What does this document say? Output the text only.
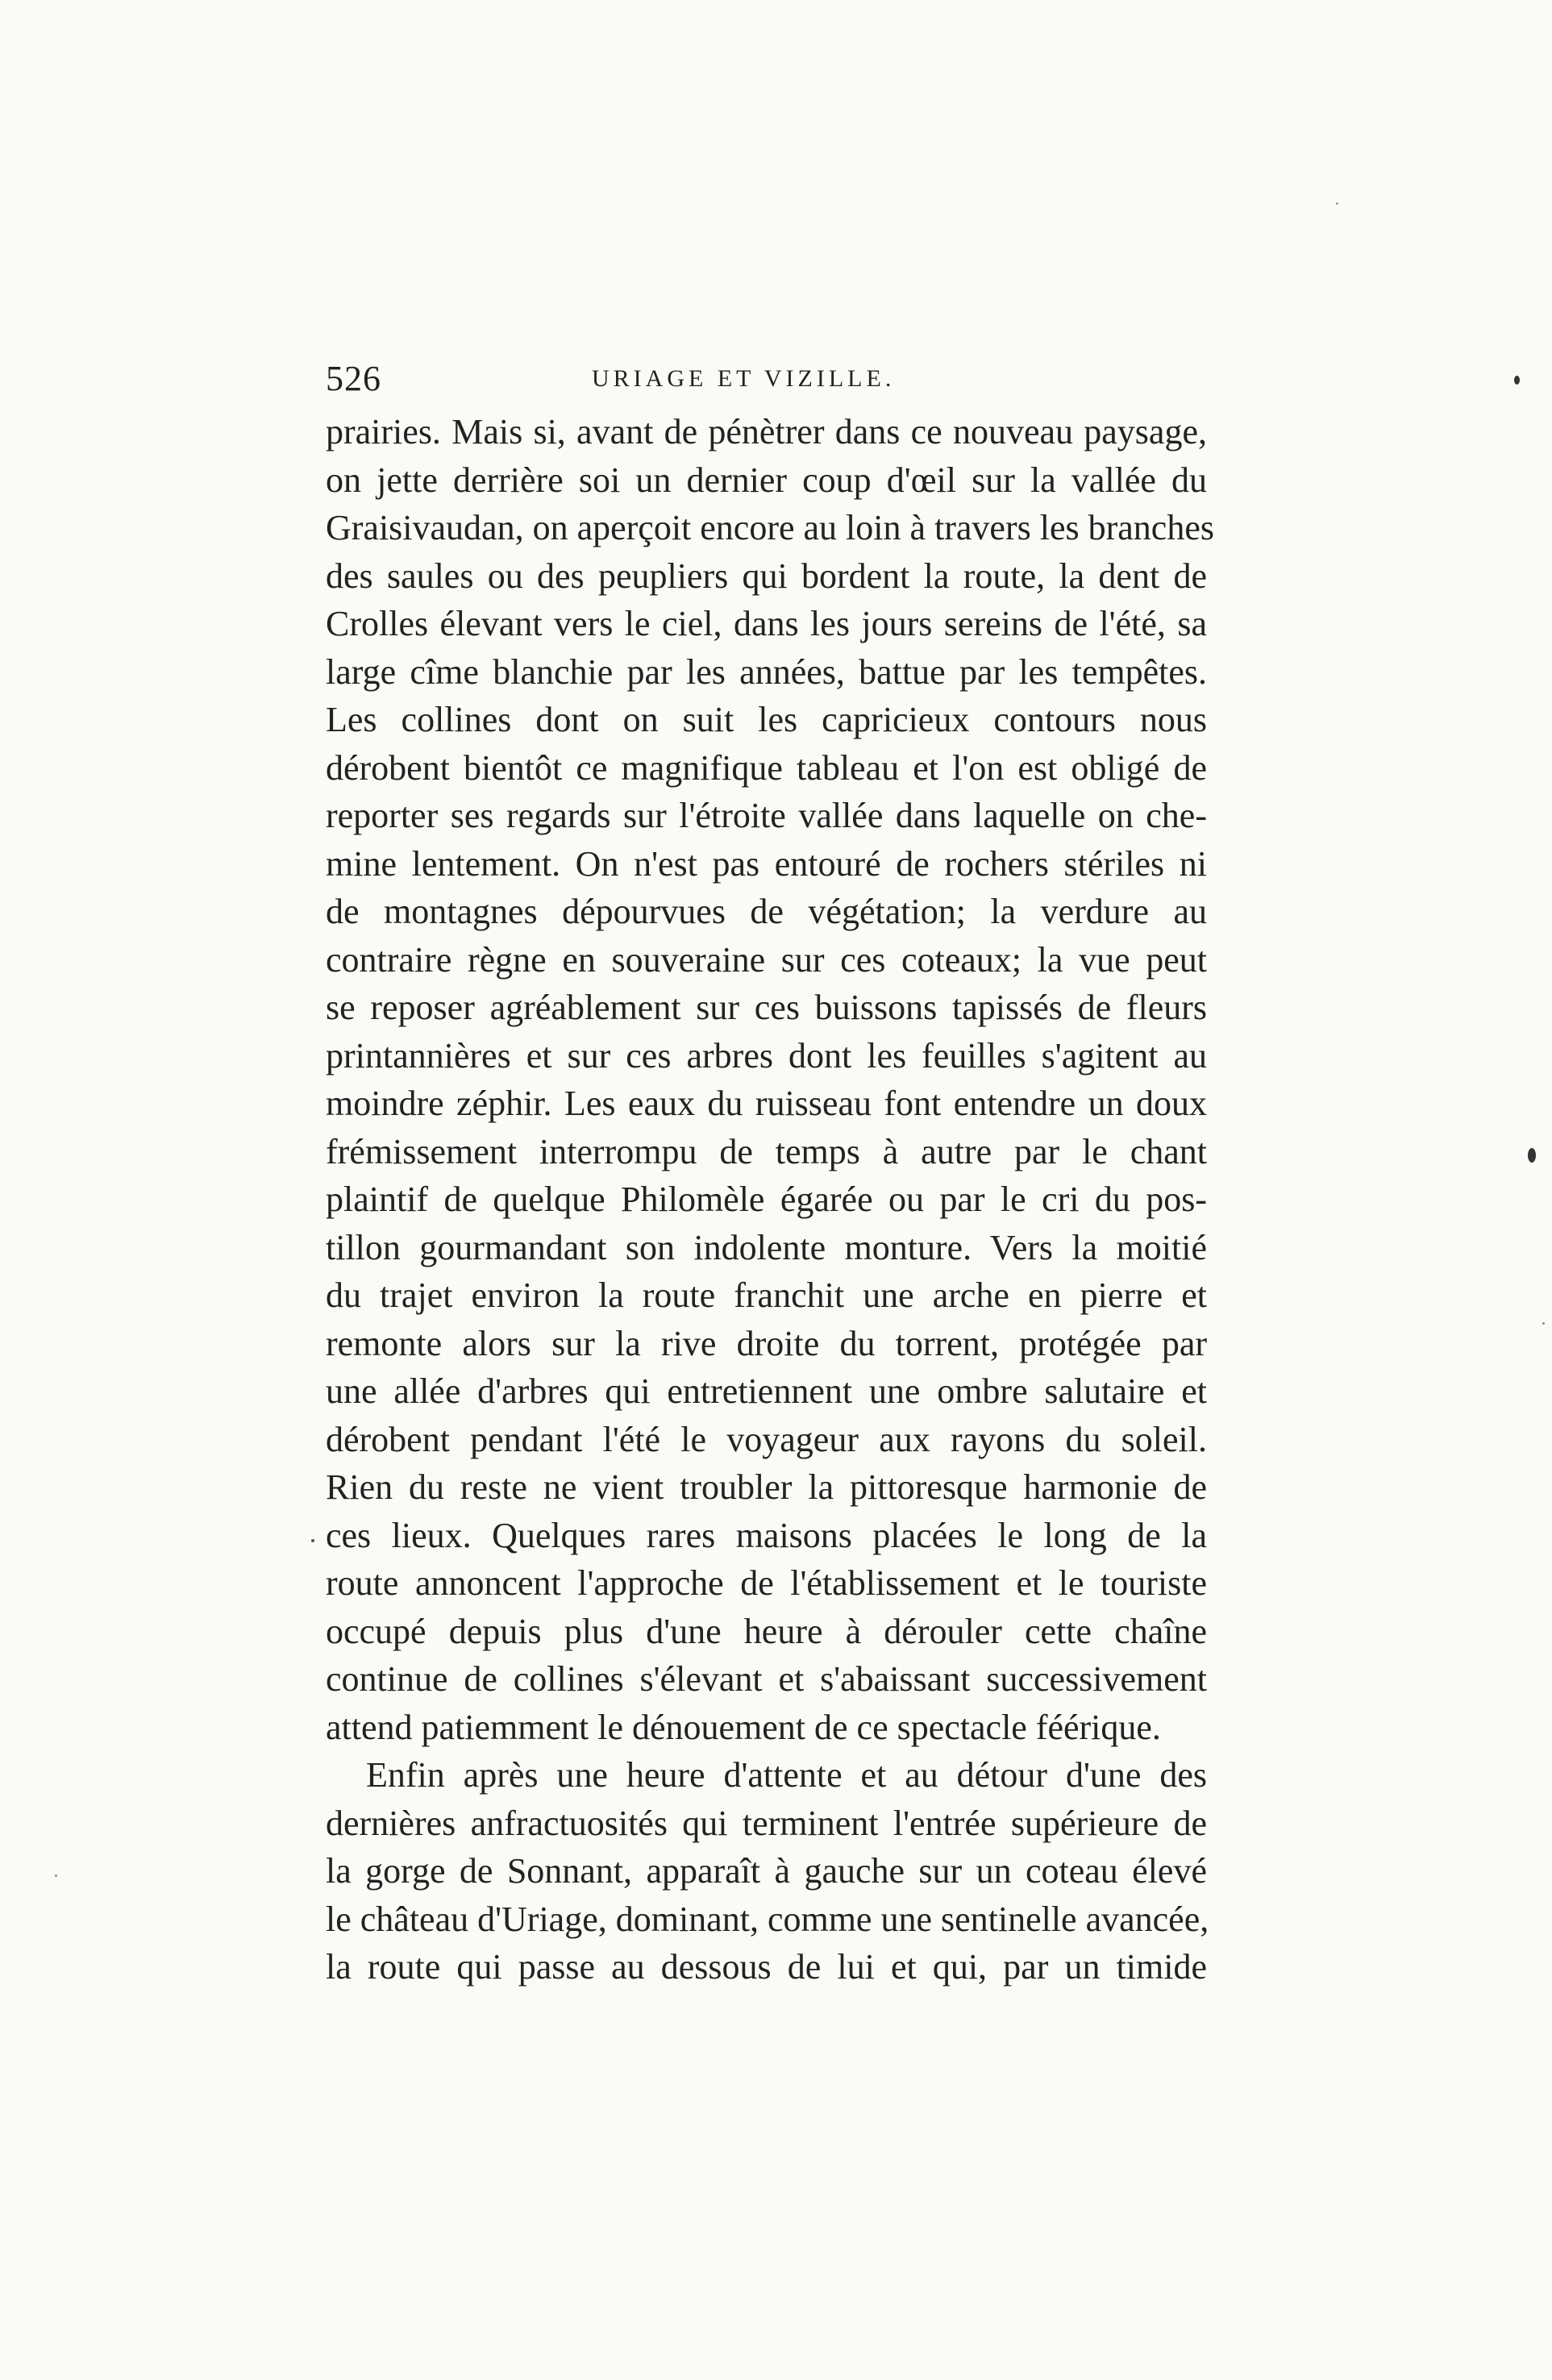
526	URIAGE ET VIZILLE.
prairies. Mais si, avant de pénètrer dans ce nouveau paysage,
on jette derrière soi un dernier coup d'œil sur la vallée du
Graisivaudan, on aperçoit encore au loin à travers les branches
des saules ou des peupliers qui bordent la route, la dent de
Crolles élevant vers le ciel, dans les jours sereins de l'été, sa
large cîme blanchie par les années, battue par les tempêtes.
Les collines dont on suit les capricieux contours nous
dérobent bientôt ce magnifique tableau et l'on est obligé de
reporter ses regards sur l'étroite vallée dans laquelle on che-
mine lentement. On n'est pas entouré de rochers stériles ni
de montagnes dépourvues de végétation; la verdure au
contraire règne en souveraine sur ces coteaux; la vue peut
se reposer agréablement sur ces buissons tapissés de fleurs
printannières et sur ces arbres dont les feuilles s'agitent au
moindre zéphir. Les eaux du ruisseau font entendre un doux
frémissement interrompu de temps à autre par le chant
plaintif de quelque Philomèle égarée ou par le cri du pos-
tillon gourmandant son indolente monture. Vers la moitié
du trajet environ la route franchit une arche en pierre et
remonte alors sur la rive droite du torrent, protégée par
une allée d'arbres qui entretiennent une ombre salutaire et
dérobent pendant l'été le voyageur aux rayons du soleil.
Rien du reste ne vient troubler la pittoresque harmonie de
ces lieux. Quelques rares maisons placées le long de la
route annoncent l'approche de l'établissement et le touriste
occupé depuis plus d'une heure à dérouler cette chaîne
continue de collines s'élevant et s'abaissant successivement
attend patiemment le dénouement de ce spectacle féérique.
Enfin après une heure d'attente et au détour d'une des
dernières anfractuosités qui terminent l'entrée supérieure de
la gorge de Sonnant, apparaît à gauche sur un coteau élevé
le château d'Uriage, dominant, comme une sentinelle avancée,
la route qui passe au dessous de lui et qui, par un timide
